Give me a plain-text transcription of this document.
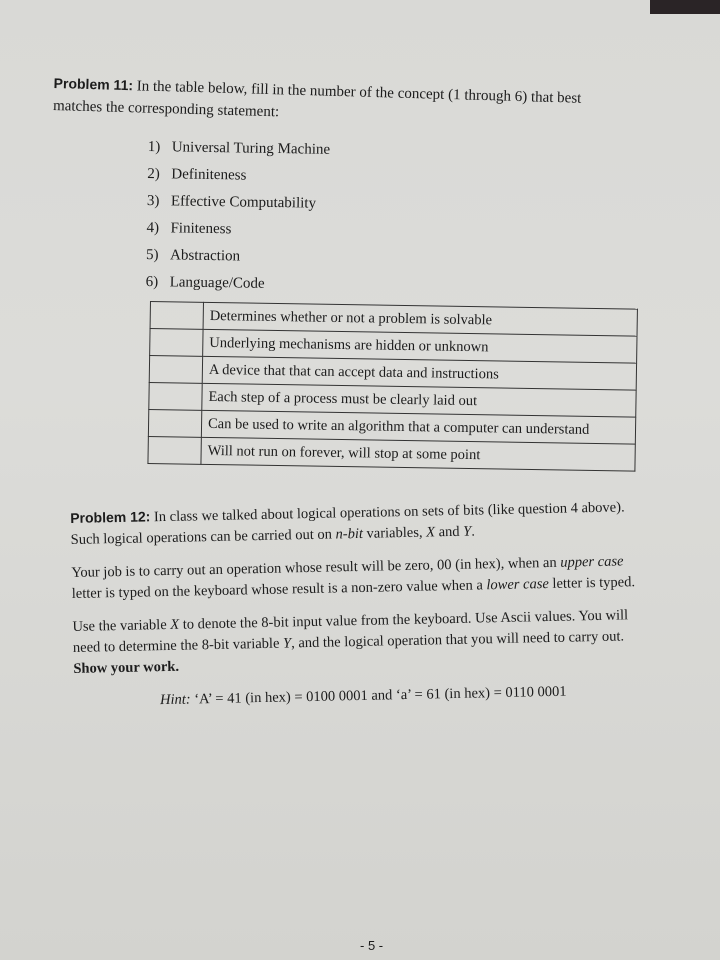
Problem 11: In the table below, fill in the number of the concept (1 through 6) that best
matches the corresponding statement:
1) Universal Turing Machine
2) Definiteness
3) Effective Computability
4) Finiteness
5) Abstraction
6) Language/Code
	Determines whether or not a problem is solvable
	Underlying mechanisms are hidden or unknown
	A device that that can accept data and instructions
	Each step of a process must be clearly laid out
	Can be used to write an algorithm that a computer can understand
	Will not run on forever, will stop at some point

Problem 12: In class we talked about logical operations on sets of bits (like question 4 above). Such logical operations can be carried out on n-bit variables, X and Y.

Your job is to carry out an operation whose result will be zero, 00 (in hex), when an upper case letter is typed on the keyboard whose result is a non-zero value when a lower case letter is typed.

Use the variable X to denote the 8-bit input value from the keyboard. Use Ascii values. You will need to determine the 8-bit variable Y, and the logical operation that you will need to carry out. Show your work.

Hint: ‘A’ = 41 (in hex) = 0100 0001 and ‘a’ = 61 (in hex) = 0110 0001

- 5 -
